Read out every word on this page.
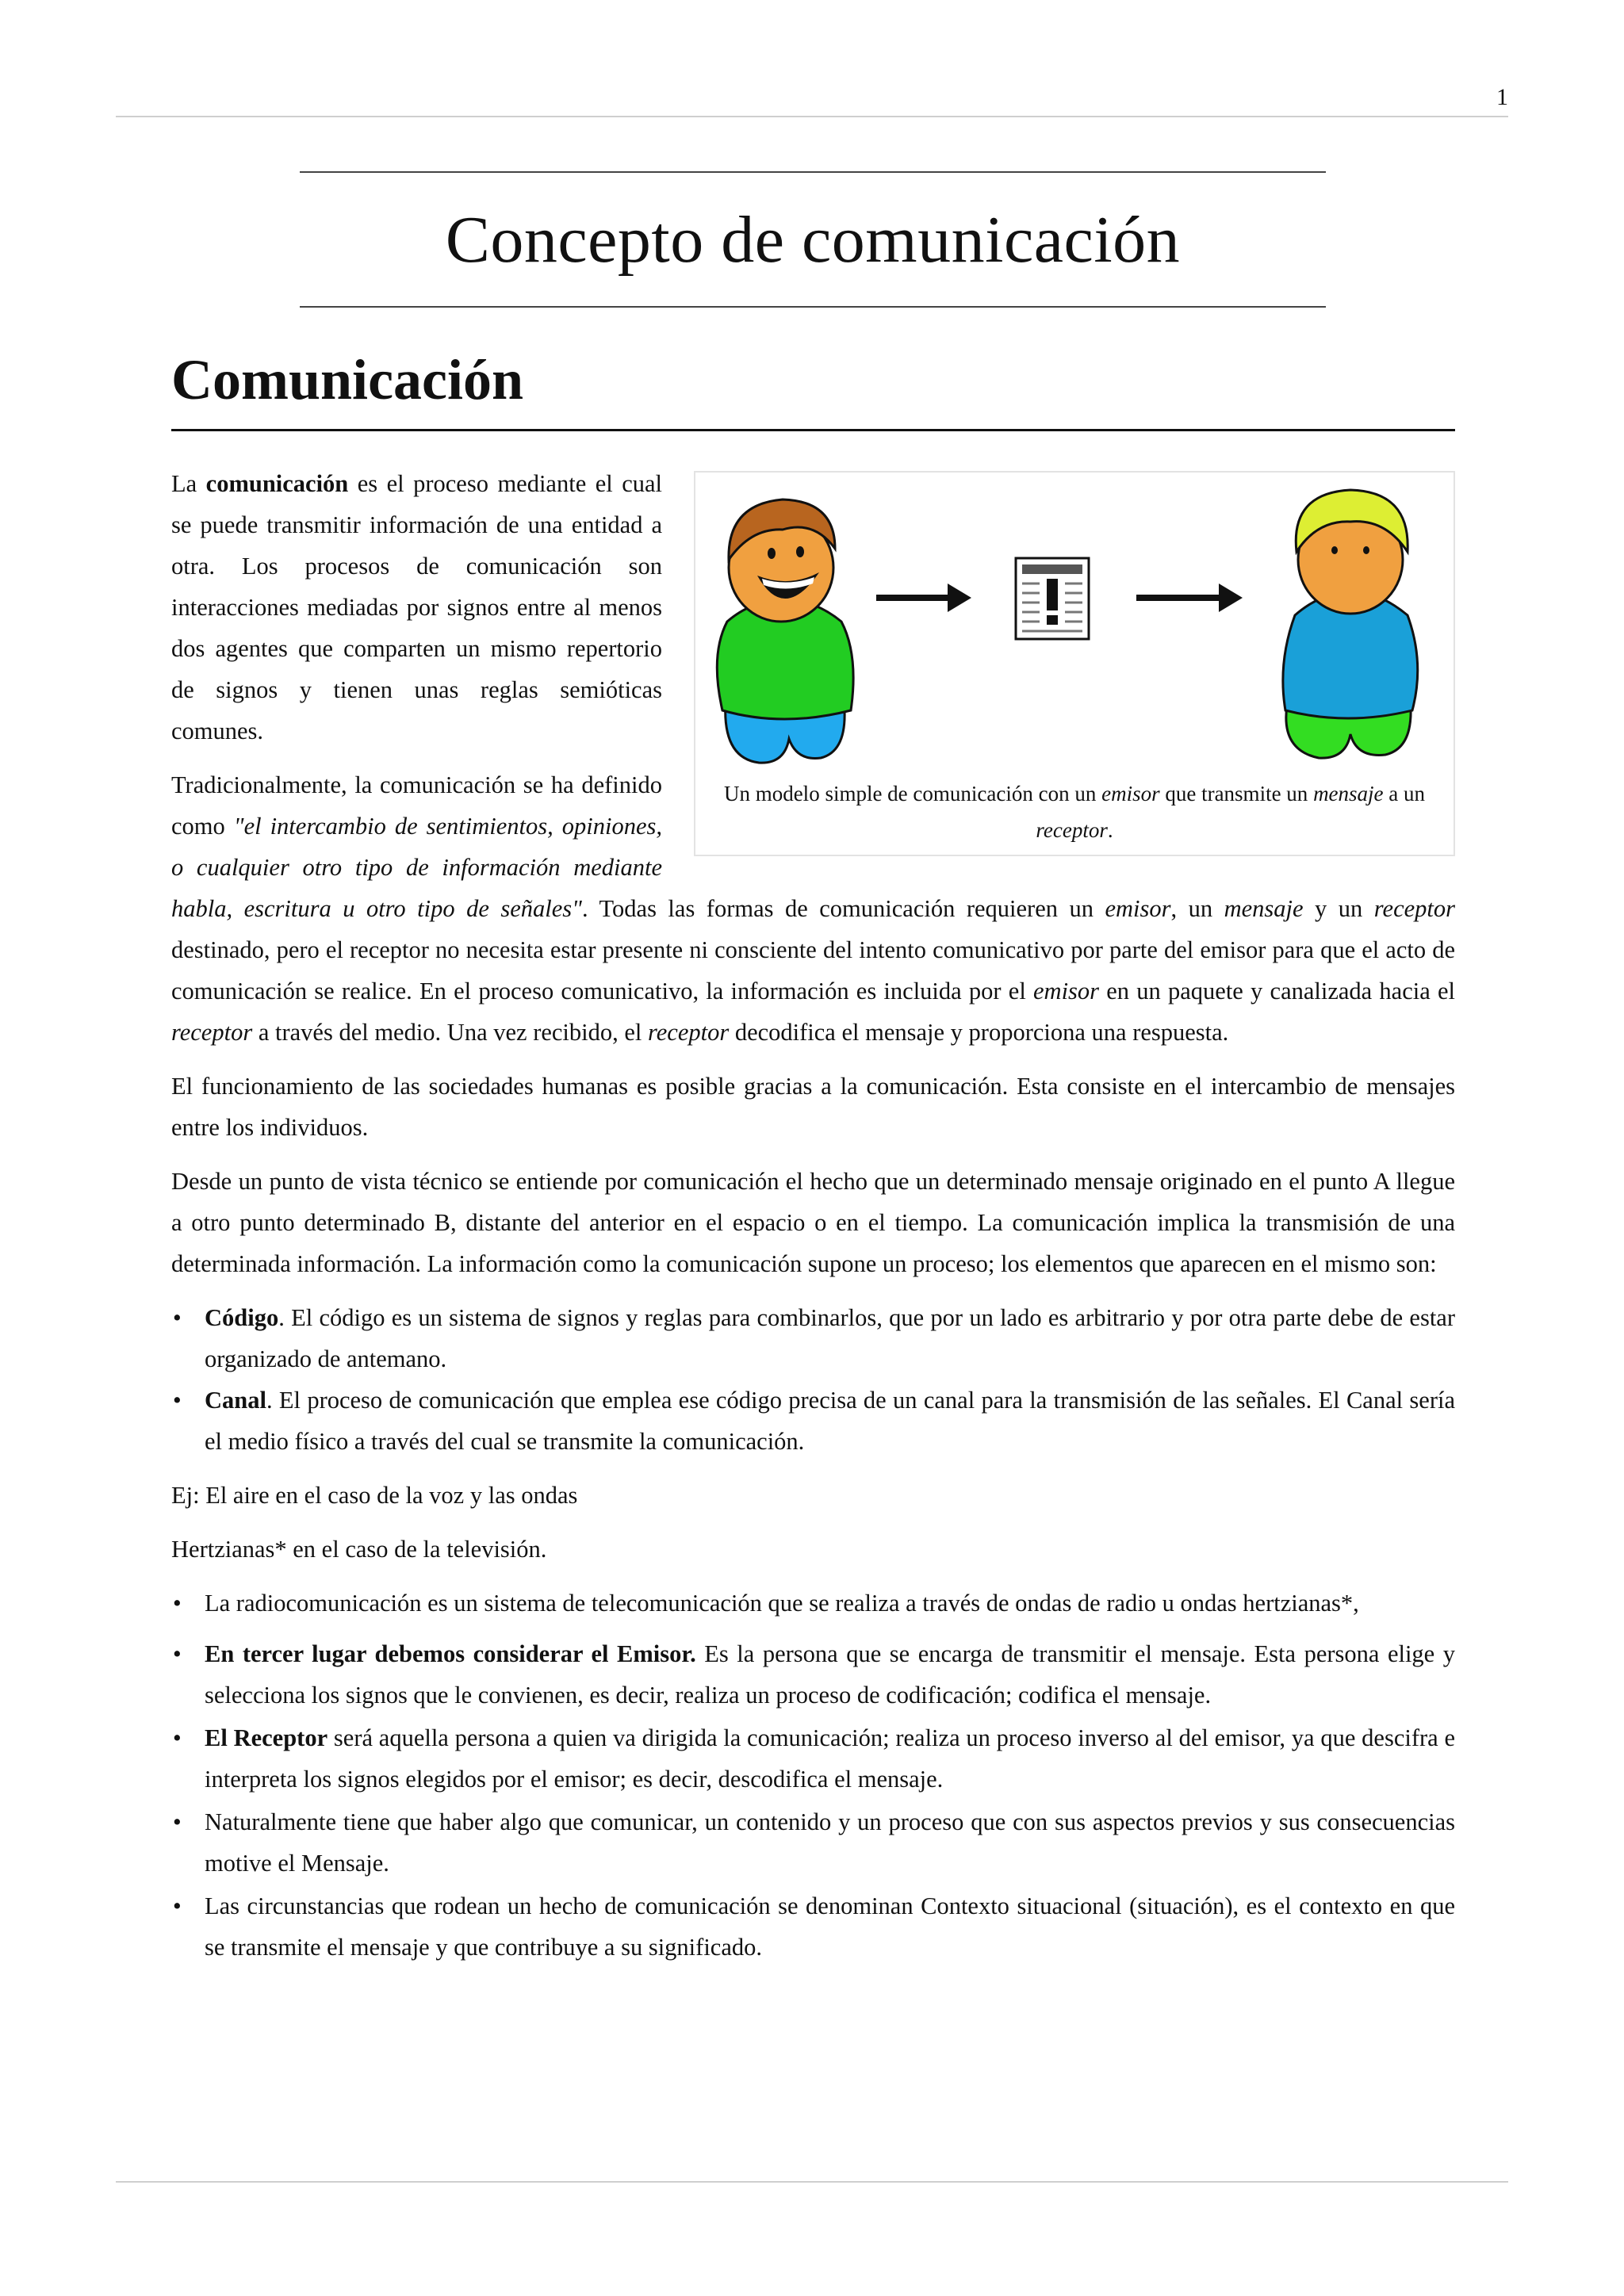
1
Concepto de comunicación
Comunicación
Un modelo simple de comunicación con un emisor que transmite un mensaje a un receptor.

La comunicación es el proceso mediante el cual se puede transmitir información de una entidad a otra. Los procesos de comunicación son interacciones mediadas por signos entre al menos dos agentes que comparten un mismo repertorio de signos y tienen unas reglas semióticas comunes.

Tradicionalmente, la comunicación se ha definido como "el intercambio de sentimientos, opiniones, o cualquier otro tipo de información mediante habla, escritura u otro tipo de señales". Todas las formas de comunicación requieren un emisor, un mensaje y un receptor destinado, pero el receptor no necesita estar presente ni consciente del intento comunicativo por parte del emisor para que el acto de comunicación se realice. En el proceso comunicativo, la información es incluida por el emisor en un paquete y canalizada hacia el receptor a través del medio. Una vez recibido, el receptor decodifica el mensaje y proporciona una respuesta.

El funcionamiento de las sociedades humanas es posible gracias a la comunicación. Esta consiste en el intercambio de mensajes entre los individuos.

Desde un punto de vista técnico se entiende por comunicación el hecho que un determinado mensaje originado en el punto A llegue a otro punto determinado B, distante del anterior en el espacio o en el tiempo. La comunicación implica la transmisión de una determinada información. La información como la comunicación supone un proceso; los elementos que aparecen en el mismo son:

• Código. El código es un sistema de signos y reglas para combinarlos, que por un lado es arbitrario y por otra parte debe de estar organizado de antemano.
• Canal. El proceso de comunicación que emplea ese código precisa de un canal para la transmisión de las señales. El Canal sería el medio físico a través del cual se transmite la comunicación.

Ej: El aire en el caso de la voz y las ondas

Hertzianas* en el caso de la televisión.

• La radiocomunicación es un sistema de telecomunicación que se realiza a través de ondas de radio u ondas hertzianas*,
• En tercer lugar debemos considerar el Emisor. Es la persona que se encarga de transmitir el mensaje. Esta persona elige y selecciona los signos que le convienen, es decir, realiza un proceso de codificación; codifica el mensaje.
• El Receptor será aquella persona a quien va dirigida la comunicación; realiza un proceso inverso al del emisor, ya que descifra e interpreta los signos elegidos por el emisor; es decir, descodifica el mensaje.
• Naturalmente tiene que haber algo que comunicar, un contenido y un proceso que con sus aspectos previos y sus consecuencias motive el Mensaje.
• Las circunstancias que rodean un hecho de comunicación se denominan Contexto situacional (situación), es el contexto en que se transmite el mensaje y que contribuye a su significado.
